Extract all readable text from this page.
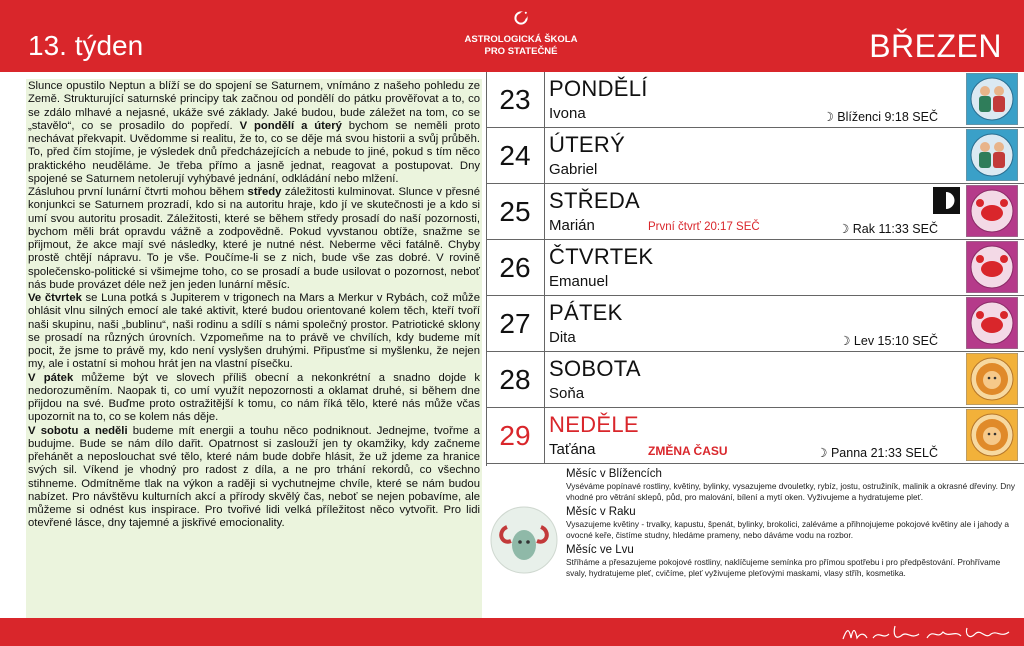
13. týden	ASTROLOGICKÁ ŠKOLA
PRO STATEČNÉ	BŘEZEN

Slunce opustilo Neptun a blíží se do spojení se Saturnem, vnímáno z našeho pohledu ze Země. Strukturující saturnské principy tak začnou od pondělí do pátku prověřovat a to, co se zdálo mlhavé a nejasné, ukáže své základy. Jaké budou, bude záležet na tom, co se „stavělo“, co se prosadilo do popředí. V pondělí a úterý bychom se neměli proto nechávat překvapit. Uvědomme si realitu, že to, co se děje má svou historii a svůj průběh. To, před čím stojíme, je výsledek dnů předcházejících a nebude to jiné, pokud s tím něco praktického neuděláme. Je třeba přímo a jasně jednat, reagovat a postupovat. Dny spojené se Saturnem netolerují vyhýbavé jednání, odkládání nebo mlžení.

Zásluhou první lunární čtvrti mohou během středy záležitosti kulminovat. Slunce v přesné konjunkci se Saturnem prozradí, kdo si na autoritu hraje, kdo jí ve skutečnosti je a kdo si umí svou autoritu prosadit. Záležitosti, které se během středy prosadí do naší pozornosti, bychom měli brát opravdu vážně a zodpovědně. Pokud vyvstanou obtíže, snažme se přijmout, že akce mají své následky, které je nutné nést. Neberme věci fatálně. Chyby prostě chtějí nápravu. To je vše. Poučíme-li se z nich, bude vše zas dobré. V rovině společensko-politické si všimejme toho, co se prosadí a bude usilovat o pozornost, neboť nás bude provázet déle než jen jeden lunární měsíc.

Ve čtvrtek se Luna potká s Jupiterem v trigonech na Mars a Merkur v Rybách, což může ohlásit vlnu silných emocí ale také aktivit, které budou orientované kolem těch, kteří tvoří naši skupinu, naši „bublinu“, naši rodinu a sdílí s námi společný prostor. Patriotické sklony se prosadí na různých úrovních. Vzpomeňme na to právě ve chvílích, kdy budeme mít pocit, že jsme to právě my, kdo není vyslyšen druhými. Připusťme si myšlenku, že nejen my, ale i ostatní si mohou hrát jen na vlastní písečku.

V pátek můžeme být ve slovech příliš obecní a nekonkrétní a snadno dojde k nedorozuměním. Naopak ti, co umí využít nepozornosti a oklamat druhé, si během dne přijdou na své. Buďme proto ostražitější k tomu, co nám říká tělo, které nás může včas upozornit na to, co se kolem nás děje.

V sobotu a neděli budeme mít energii a touhu něco podniknout. Jednejme, tvořme a budujme. Bude se nám dílo dařit. Opatrnost si zaslouží jen ty okamžiky, kdy začneme přehánět a neposlouchat své tělo, které nám bude dobře hlásit, že už jdeme za hranice svých sil. Víkend je vhodný pro radost z díla, a ne pro trhání rekordů, co všechno stihneme. Odmítněme tlak na výkon a raději si vychutnejme chvíle, které se nám budou nabízet. Pro návštěvu kulturních akcí a přírody skvělý čas, neboť se nejen pobavíme, ale můžeme si odnést kus inspirace. Pro tvořivé lidi velká příležitost něco vytvořit. Pro lidi otevřené lásce, dny tajemné a jiskřivé emocionality.

23 PONDĚLÍ
Ivona	☽ Blíženci 9:18 SEČ
24 ÚTERÝ
Gabriel
25 STŘEDA
Marián	První čtvrť 20:17 SEČ	☽ Rak 11:33 SEČ
26 ČTVRTEK
Emanuel
27 PÁTEK
Dita	☽ Lev 15:10 SEČ
28 SOBOTA
Soňa
29 NEDĚLE
Taťána	ZMĚNA ČASU	☽ Panna 21:33 SELČ
Měsíc v Blížencích
Vysévámе popínavé rostliny, květiny, bylinky, vysazujeme dvouletky, rybíz, jostu, ostružiník, malinik a okrasné dřeviny. Dny vhodné pro větrání sklepů, půd, pro malování, bílení a mytí oken. Vyživujeme a hydratujeme pleť.
Měsíc v Raku
Vysazujeme květiny - trvalky, kapustu, špenát, bylinky, brokolici, zaléváme a přihnojujeme pokojové květiny ale i jahody a ovocné keře, čistíme studny, hledáme prameny, nebo dáváme vodu na rozbor.
Měsíc ve Lvu
Stříháme a přesazujeme pokojové rostliny, naklíčujeme semínka pro přímou spotřebu i pro předpěstování. Prohřívame svaly, hydratujeme pleť, cvičíme, pleť vyživujeme pleťovými maskami, vlasy stříh, kosmetika.
